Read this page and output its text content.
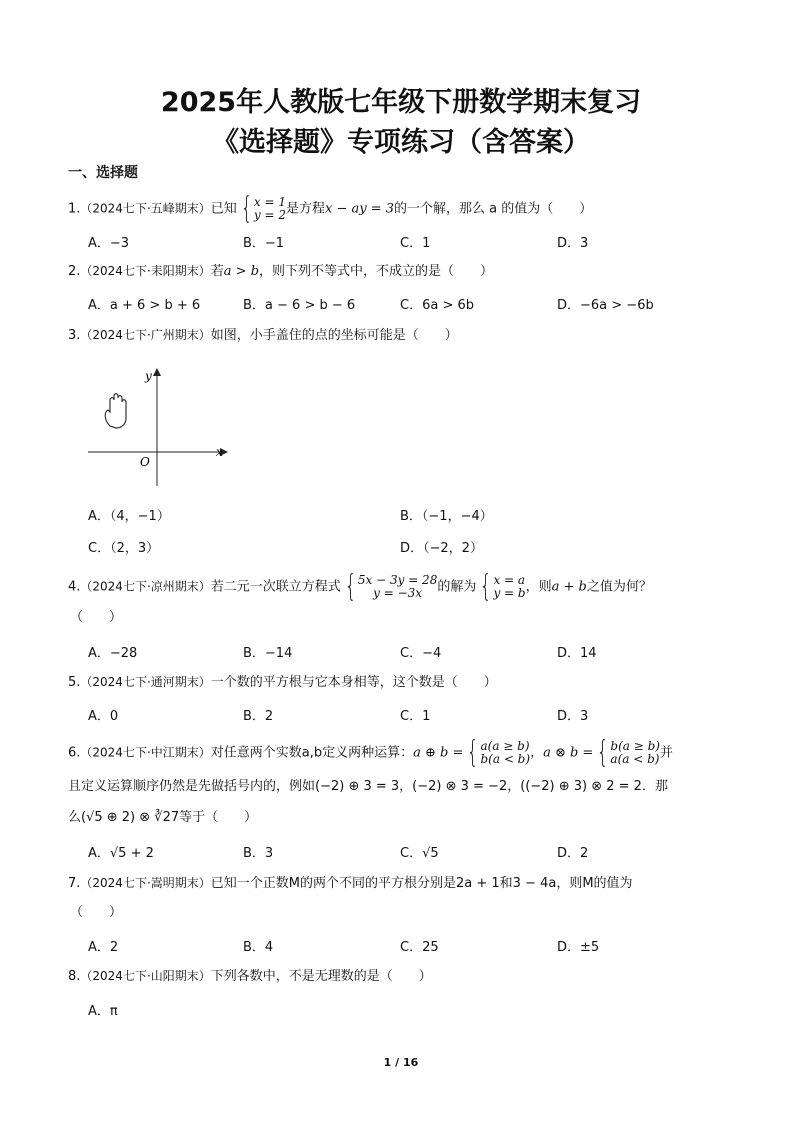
2025年人教版七年级下册数学期末复习
《选择题》专项练习（含答案）
一、选择题
1.（2024七下·五峰期末）已知 { x = 1
y = 2 是方程x − ay = 3的一个解，那么 a 的值为（　　）
A．−3	B．−1	C．1	D．3
2.（2024七下·耒阳期末）若a > b，则下列不等式中，不成立的是（　　）
A．a + 6 > b + 6	B．a − 6 > b − 6	C．6a > 6b	D．−6a > −6b
3.（2024七下·广州期末）如图，小手盖住的点的坐标可能是（　　）
x
y
O
A．（4，−1）	B．（−1，−4）
C．（2，3）	D．（−2，2）
4.（2024七下·凉州期末）若二元一次联立方程式 { 5x − 3y = 28
y = −3x	的解为 { x = a
y = b ，则a + b之值为何？
（　　）
A．−28	B．−14	C．−4	D．14
5.（2024七下·通河期末）一个数的平方根与它本身相等，这个数是（　　）
A．0	B．2	C．1	D．3
6.（2024七下·中江期末）对任意两个实数a,b定义两种运算：a ⊕ b = { a(a ≥ b)
b(a < b) ，a ⊗ b = { b(a ≥ b)
a(a < b) 并
且定义运算顺序仍然是先做括号内的，例如(−2) ⊕ 3 = 3，(−2) ⊗ 3 = −2，((−2) ⊕ 3) ⊗ 2 = 2．那
么(√5 ⊕ 2) ⊗ ∛27等于（　　）
A．√5 + 2	B．3	C．√5	D．2
7.（2024七下·嵩明期末）已知一个正数M的两个不同的平方根分别是2a + 1和3 − 4a，则M的值为
（　　）
A．2	B．4	C．25	D．±5
8.（2024七下·山阳期末）下列各数中，不是无理数的是（　　）
A．π
1 / 16
